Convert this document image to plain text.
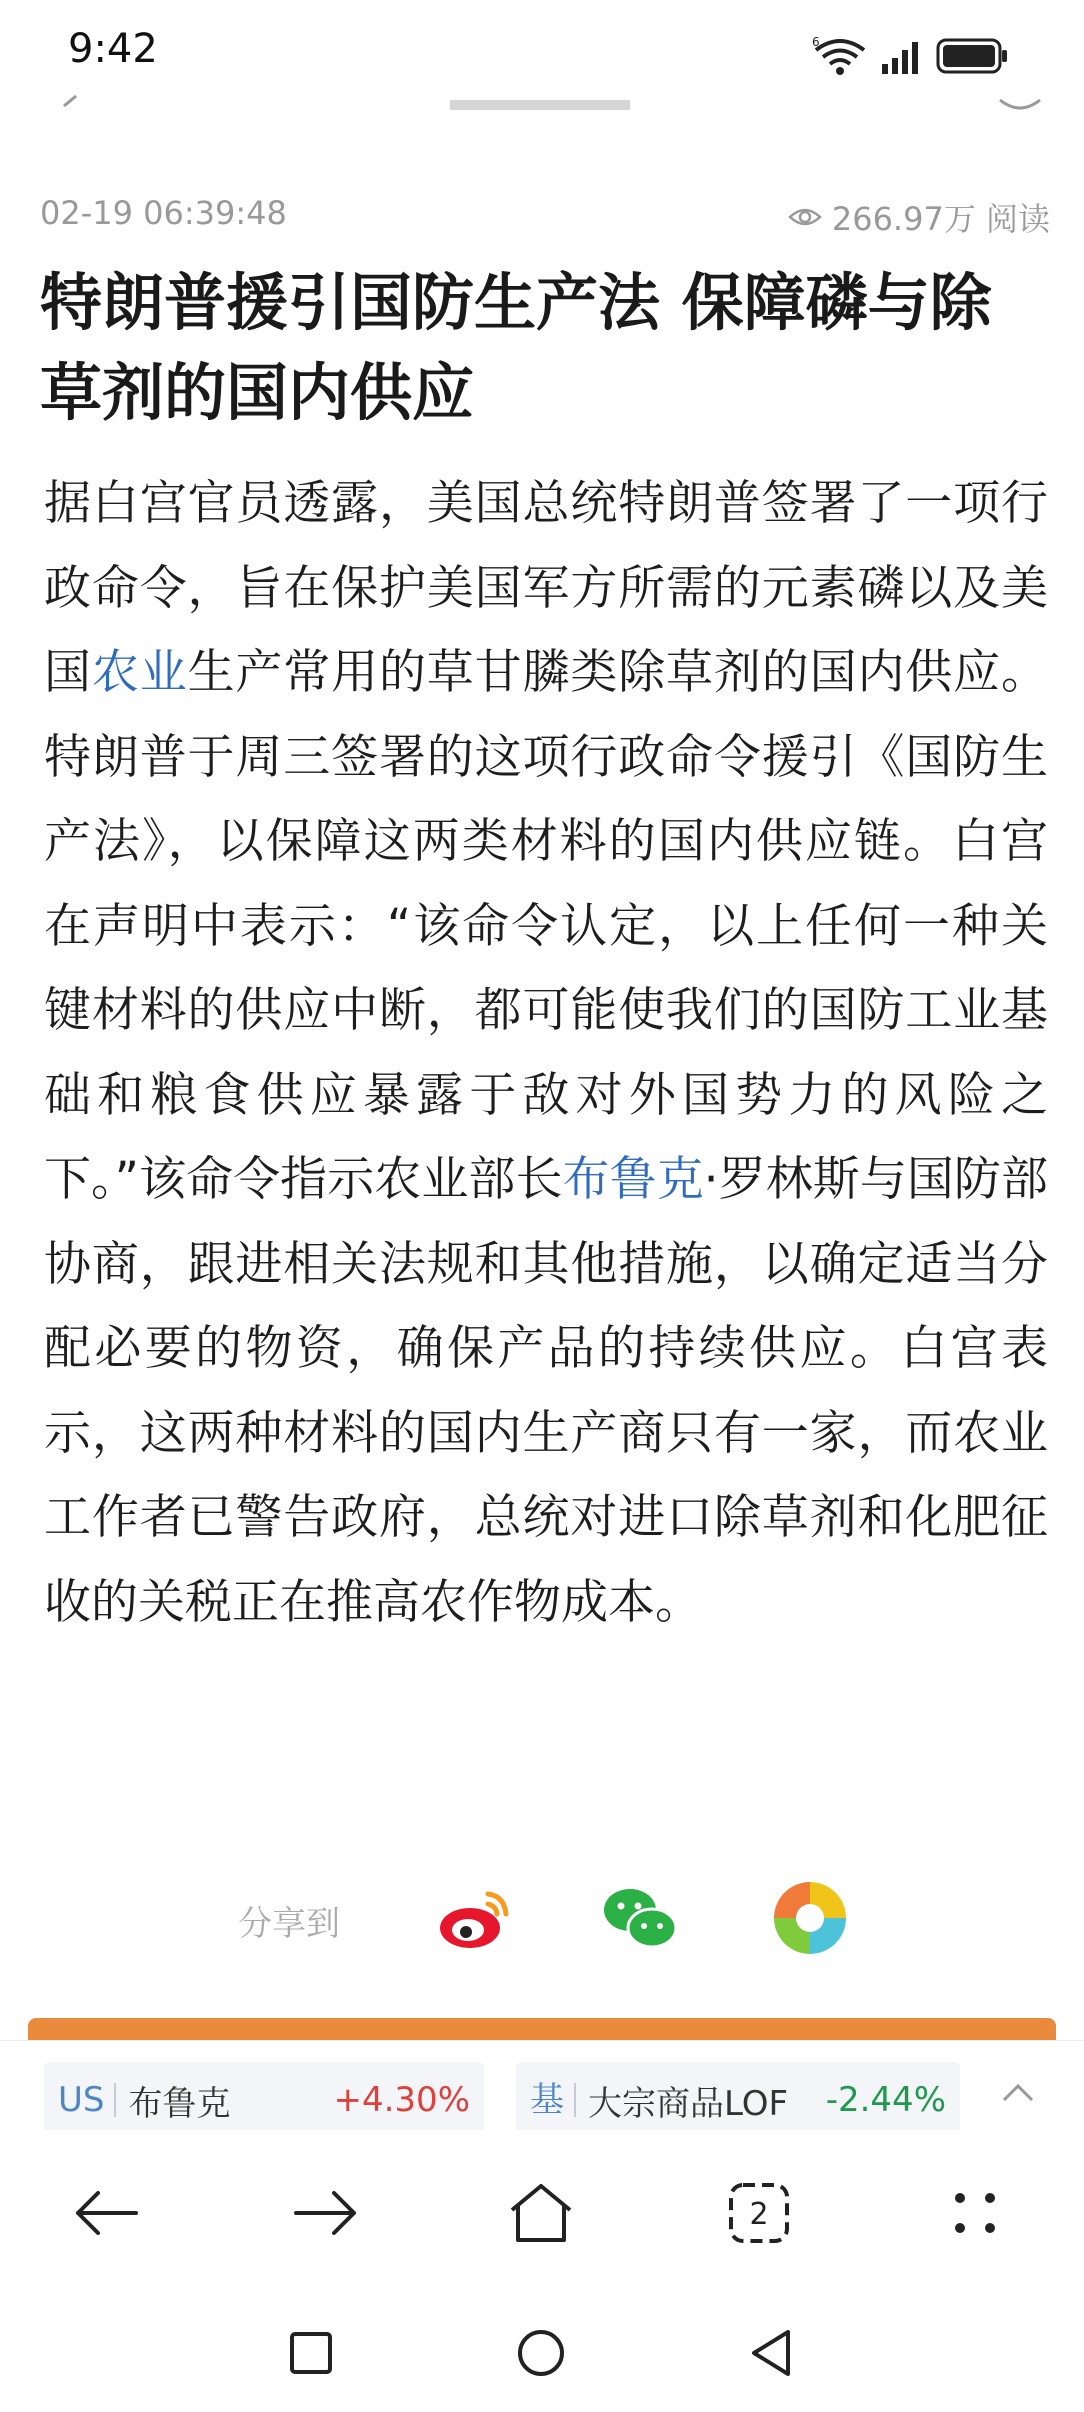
9:42	6
02-19 06:39:48	266.97万 阅读
特朗普援引国防生产法 保障磷与除草剂的国内供应

据白宫官员透露，美国总统特朗普签署了一项行政命令，旨在保护美国军方所需的元素磷以及美国农业生产常用的草甘膦类除草剂的国内供应。特朗普于周三签署的这项行政命令援引《国防生产法》，以保障这两类材料的国内供应链。白宫在声明中表示：“该命令认定，以上任何一种关键材料的供应中断，都可能使我们的国防工业基础和粮食供应暴露于敌对外国势力的风险之下。”该命令指示农业部长布鲁克·罗林斯与国防部协商，跟进相关法规和其他措施，以确定适当分配必要的物资，确保产品的持续供应。白宫表示，这两种材料的国内生产商只有一家，而农业工作者已警告政府，总统对进口除草剂和化肥征收的关税正在推高农作物成本。

分享到
US 布鲁克	+4.30%	基 大宗商品LOF	-2.44%
2
